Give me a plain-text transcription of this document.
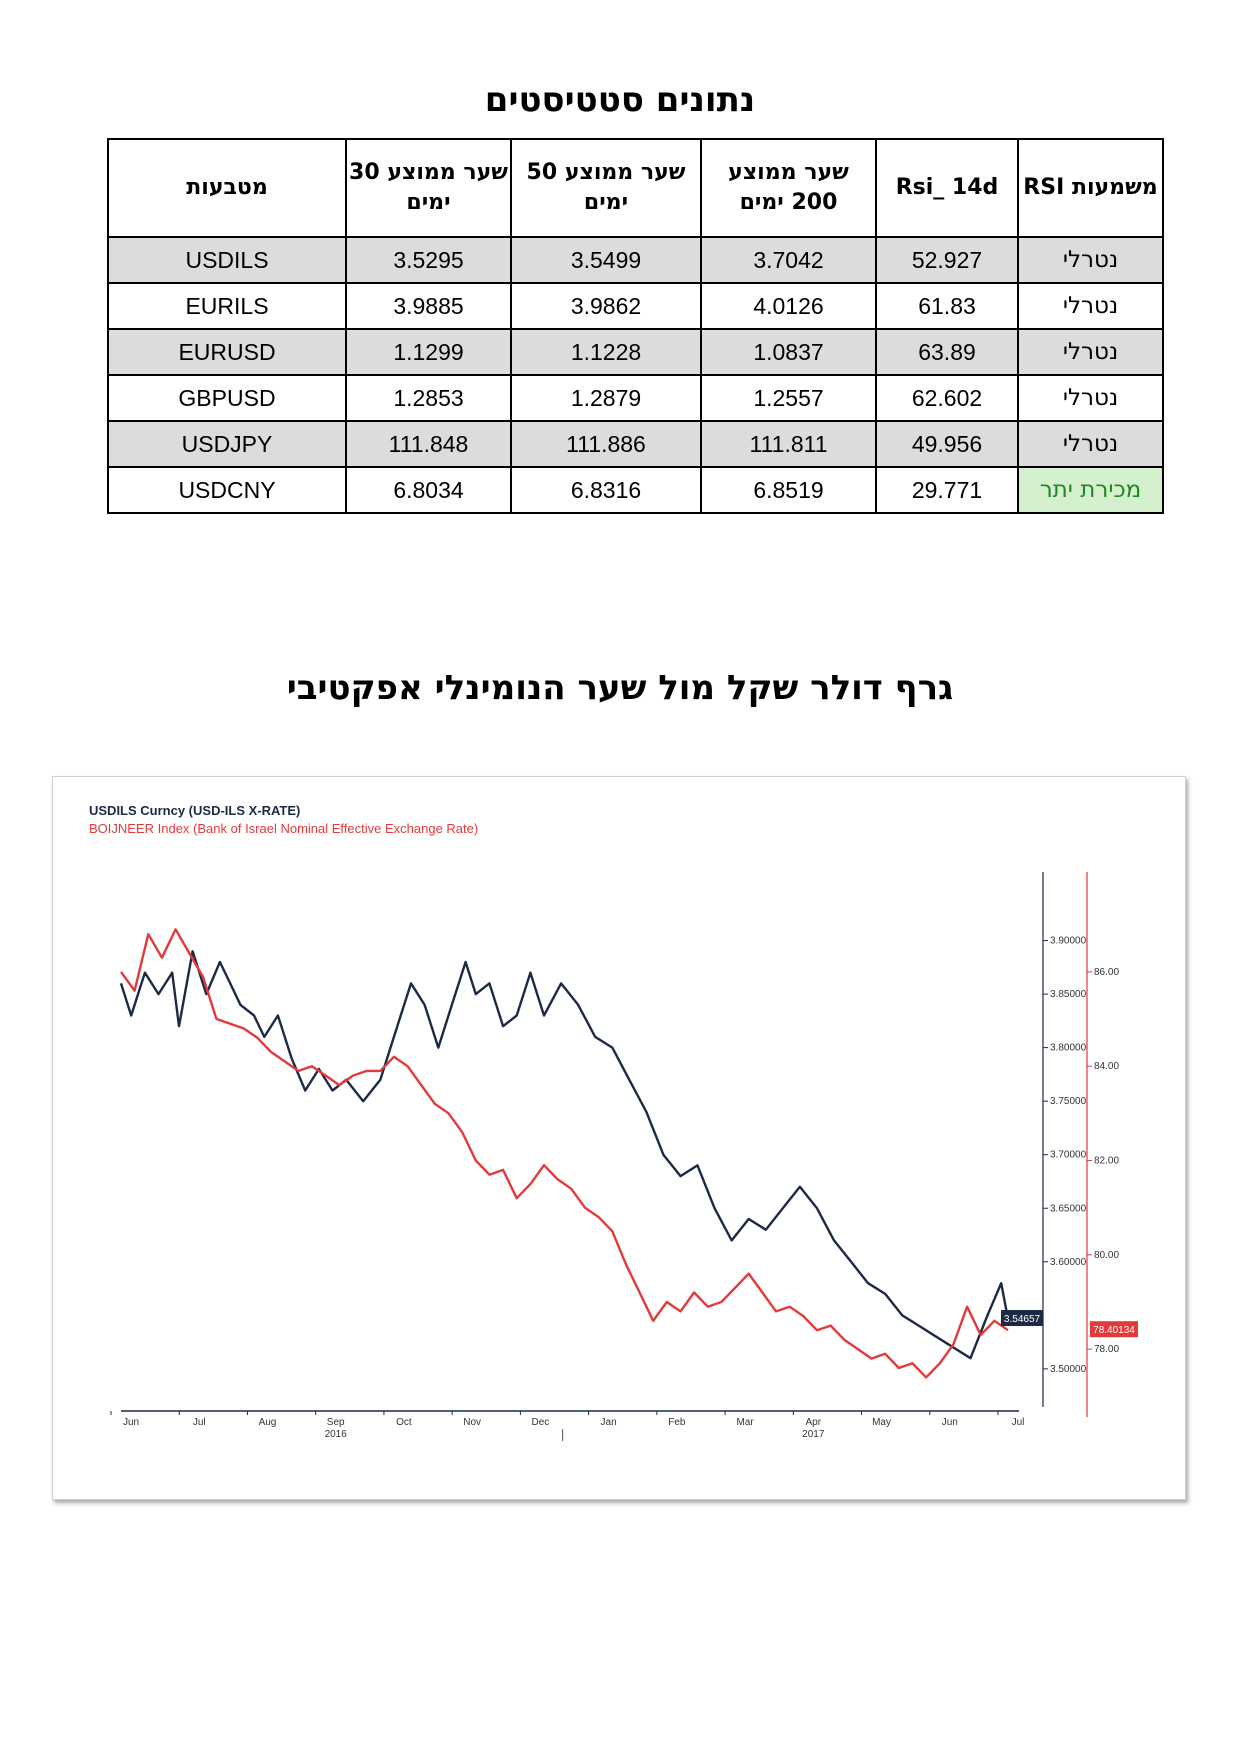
נתונים סטטיסטים
מטבעות	שער ממוצע 30 ימים	שער ממוצע 50 ימים	שער ממוצע 200 ימים	Rsi_ 14d	משמעות RSI
USDILS	3.5295	3.5499	3.7042	52.927	נטרלי
EURILS	3.9885	3.9862	4.0126	61.83	נטרלי
EURUSD	1.1299	1.1228	1.0837	63.89	נטרלי
GBPUSD	1.2853	1.2879	1.2557	62.602	נטרלי
USDJPY	111.848	111.886	111.811	49.956	נטרלי
USDCNY	6.8034	6.8316	6.8519	29.771	מכירת יתר
גרף דולר שקל מול שער הנומינלי אפקטיבי
USDILS Curncy (USD-ILS X-RATE)
BOIJNEER Index (Bank of Israel Nominal Effective Exchange Rate)
Jun	Jul	Aug	Sep
2016
Oct	Nov	Dec	Jan	Feb	Mar	Apr
2017
May	Jun	Jul
3.90000
3.85000
3.80000
3.75000
3.70000
3.65000
3.60000
3.50000
86.00
84.00
82.00
80.00
78.00
3.54657
78.40134
